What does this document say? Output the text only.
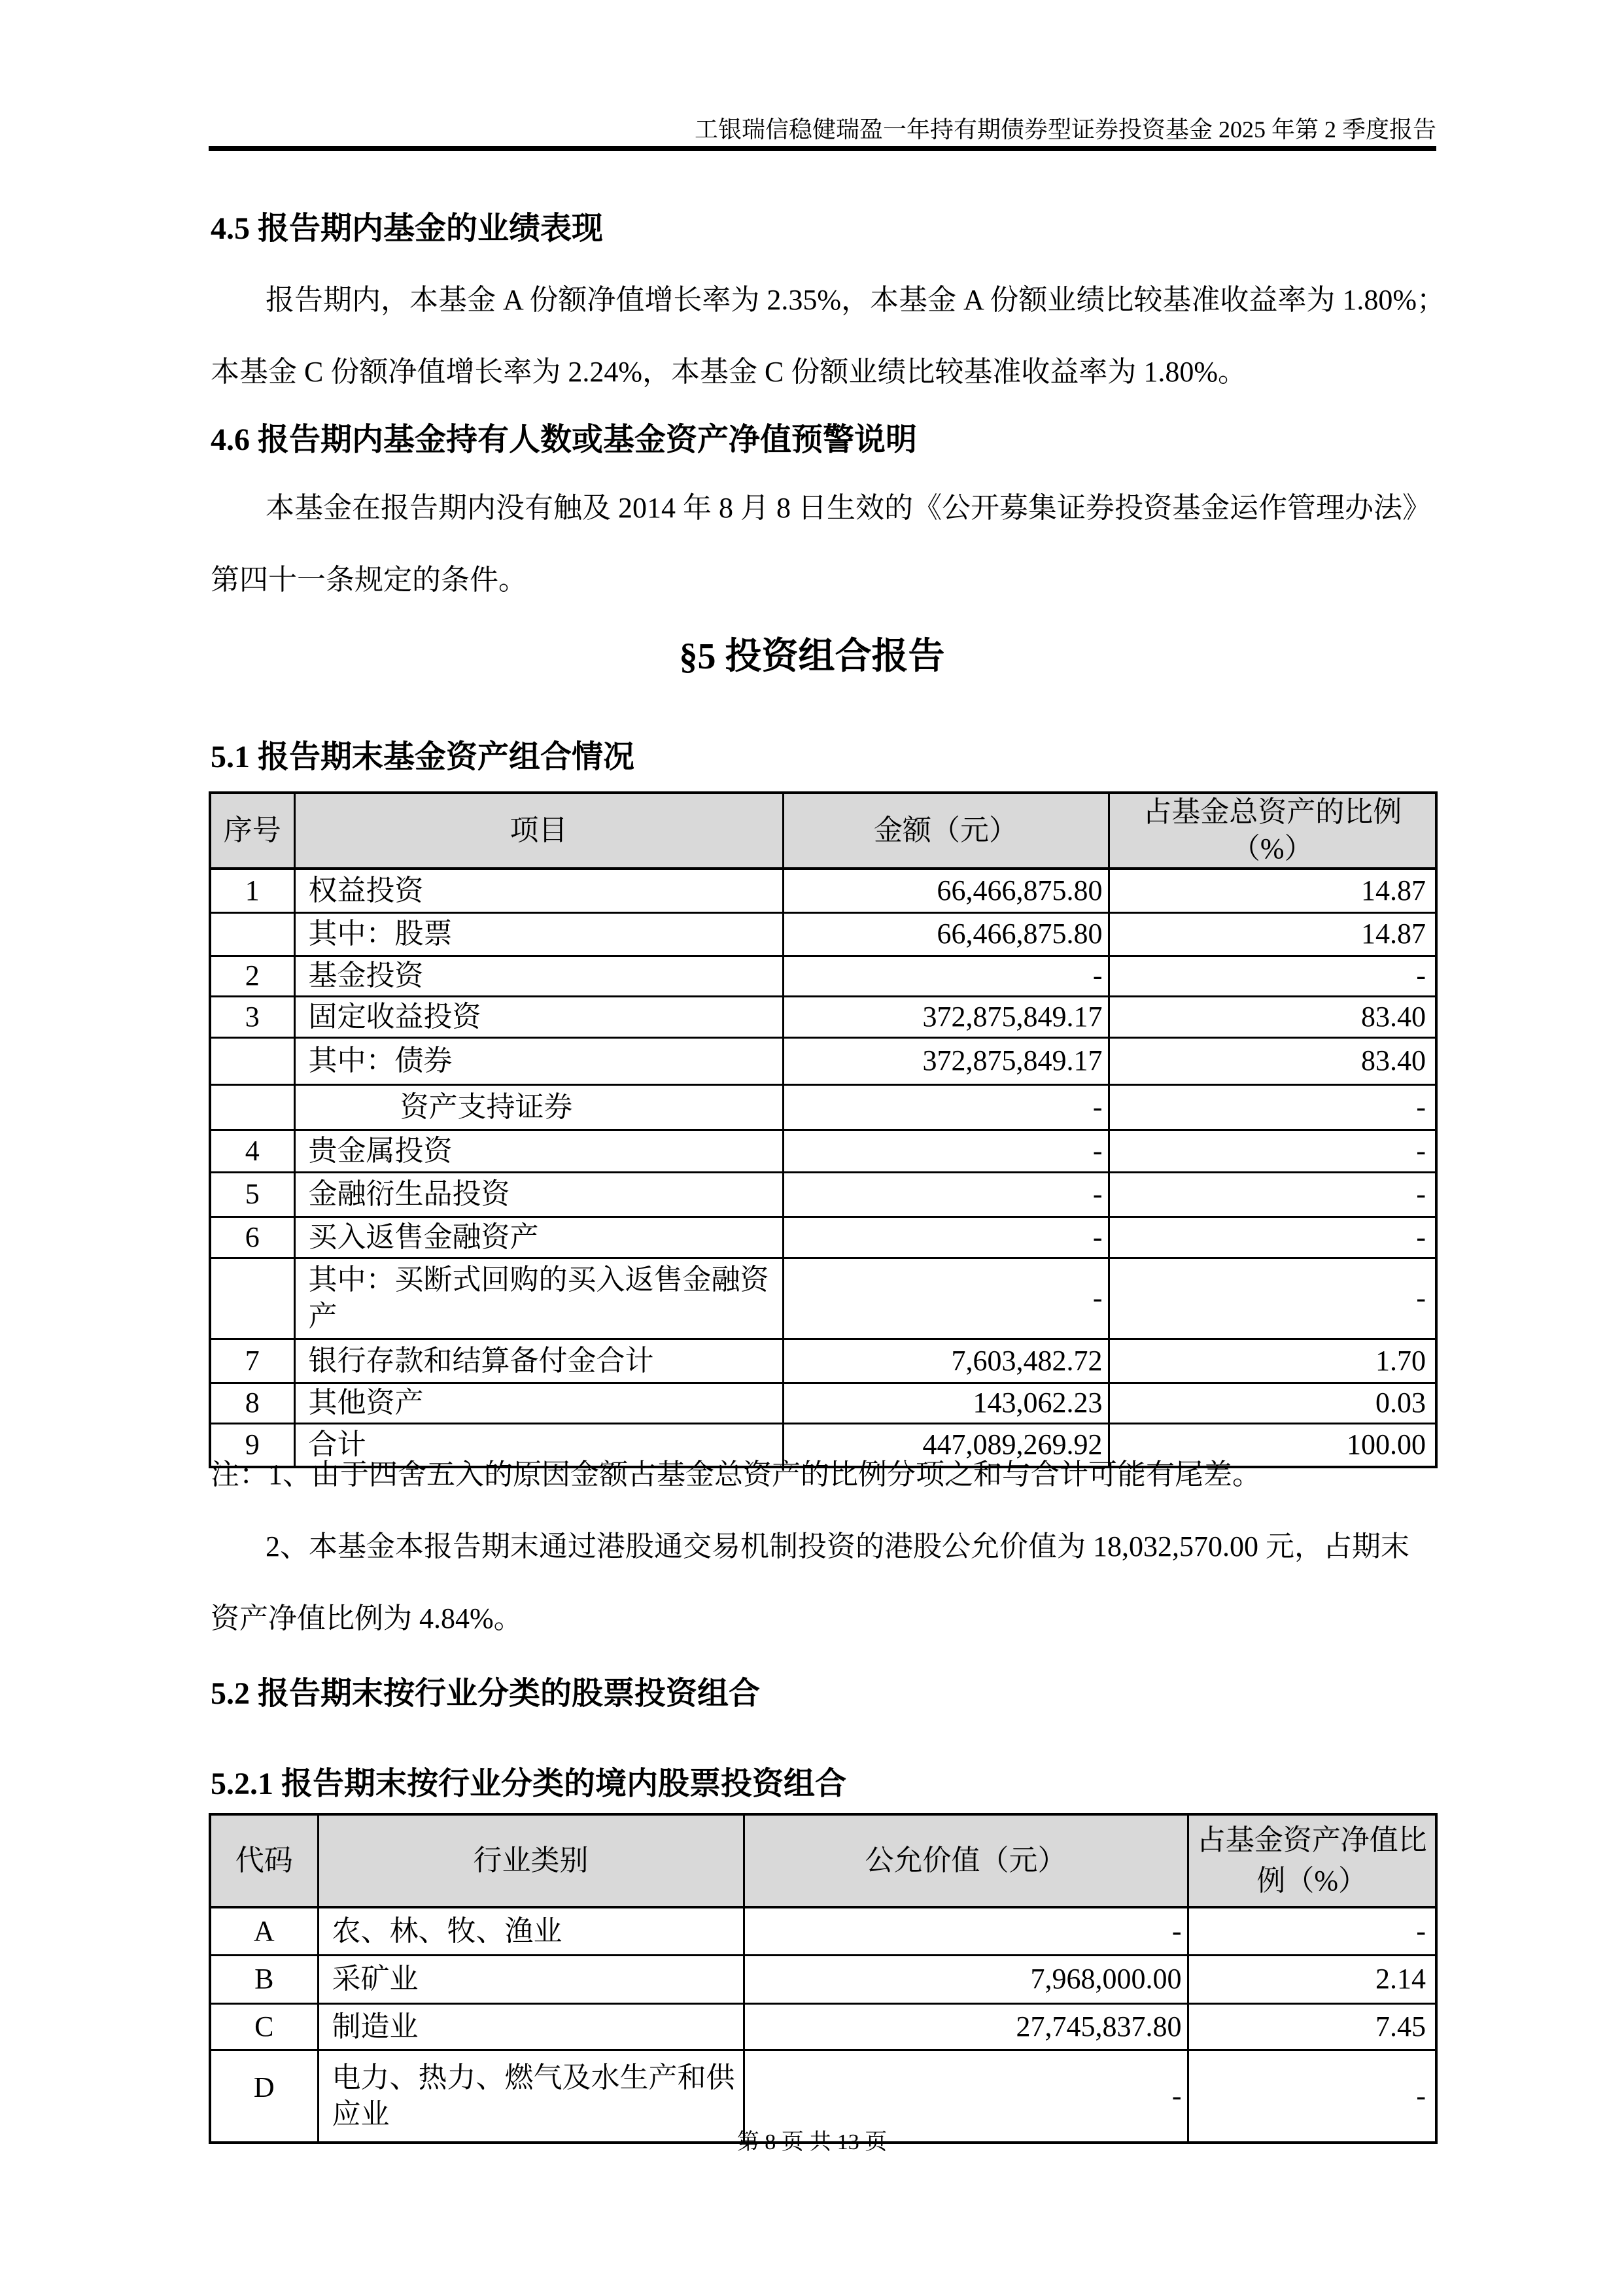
工银瑞信稳健瑞盈一年持有期债券型证券投资基金 2025 年第 2 季度报告
4.5 报告期内基金的业绩表现
报告期内，本基金 A 份额净值增长率为 2.35%，本基金 A 份额业绩比较基准收益率为 1.80%；
本基金 C 份额净值增长率为 2.24%，本基金 C 份额业绩比较基准收益率为 1.80%。
4.6 报告期内基金持有人数或基金资产净值预警说明
本基金在报告期内没有触及 2014 年 8 月 8 日生效的《公开募集证券投资基金运作管理办法》
第四十一条规定的条件。
§5 投资组合报告
5.1 报告期末基金资产组合情况
序号	项目	金额（元）	占基金总资产的比例（%）
1	权益投资	66,466,875.80	14.87
	其中：股票	66,466,875.80	14.87
2	基金投资	-	-
3	固定收益投资	372,875,849.17	83.40
	其中：债券	372,875,849.17	83.40
	资产支持证券	-	-
4	贵金属投资	-	-
5	金融衍生品投资	-	-
6	买入返售金融资产	-	-
	其中：买断式回购的买入返售金融资产	-	-
7	银行存款和结算备付金合计	7,603,482.72	1.70
8	其他资产	143,062.23	0.03
9	合计	447,089,269.92	100.00
注：1、由于四舍五入的原因金额占基金总资产的比例分项之和与合计可能有尾差。
2、本基金本报告期末通过港股通交易机制投资的港股公允价值为 18,032,570.00 元，占期末
资产净值比例为 4.84%。
5.2 报告期末按行业分类的股票投资组合
5.2.1 报告期末按行业分类的境内股票投资组合
代码	行业类别	公允价值（元）	占基金资产净值比例（%）
A	农、林、牧、渔业	-	-
B	采矿业	7,968,000.00	2.14
C	制造业	27,745,837.80	7.45
D	电力、热力、燃气及水生产和供应业	-	-
第 8 页 共 13 页
